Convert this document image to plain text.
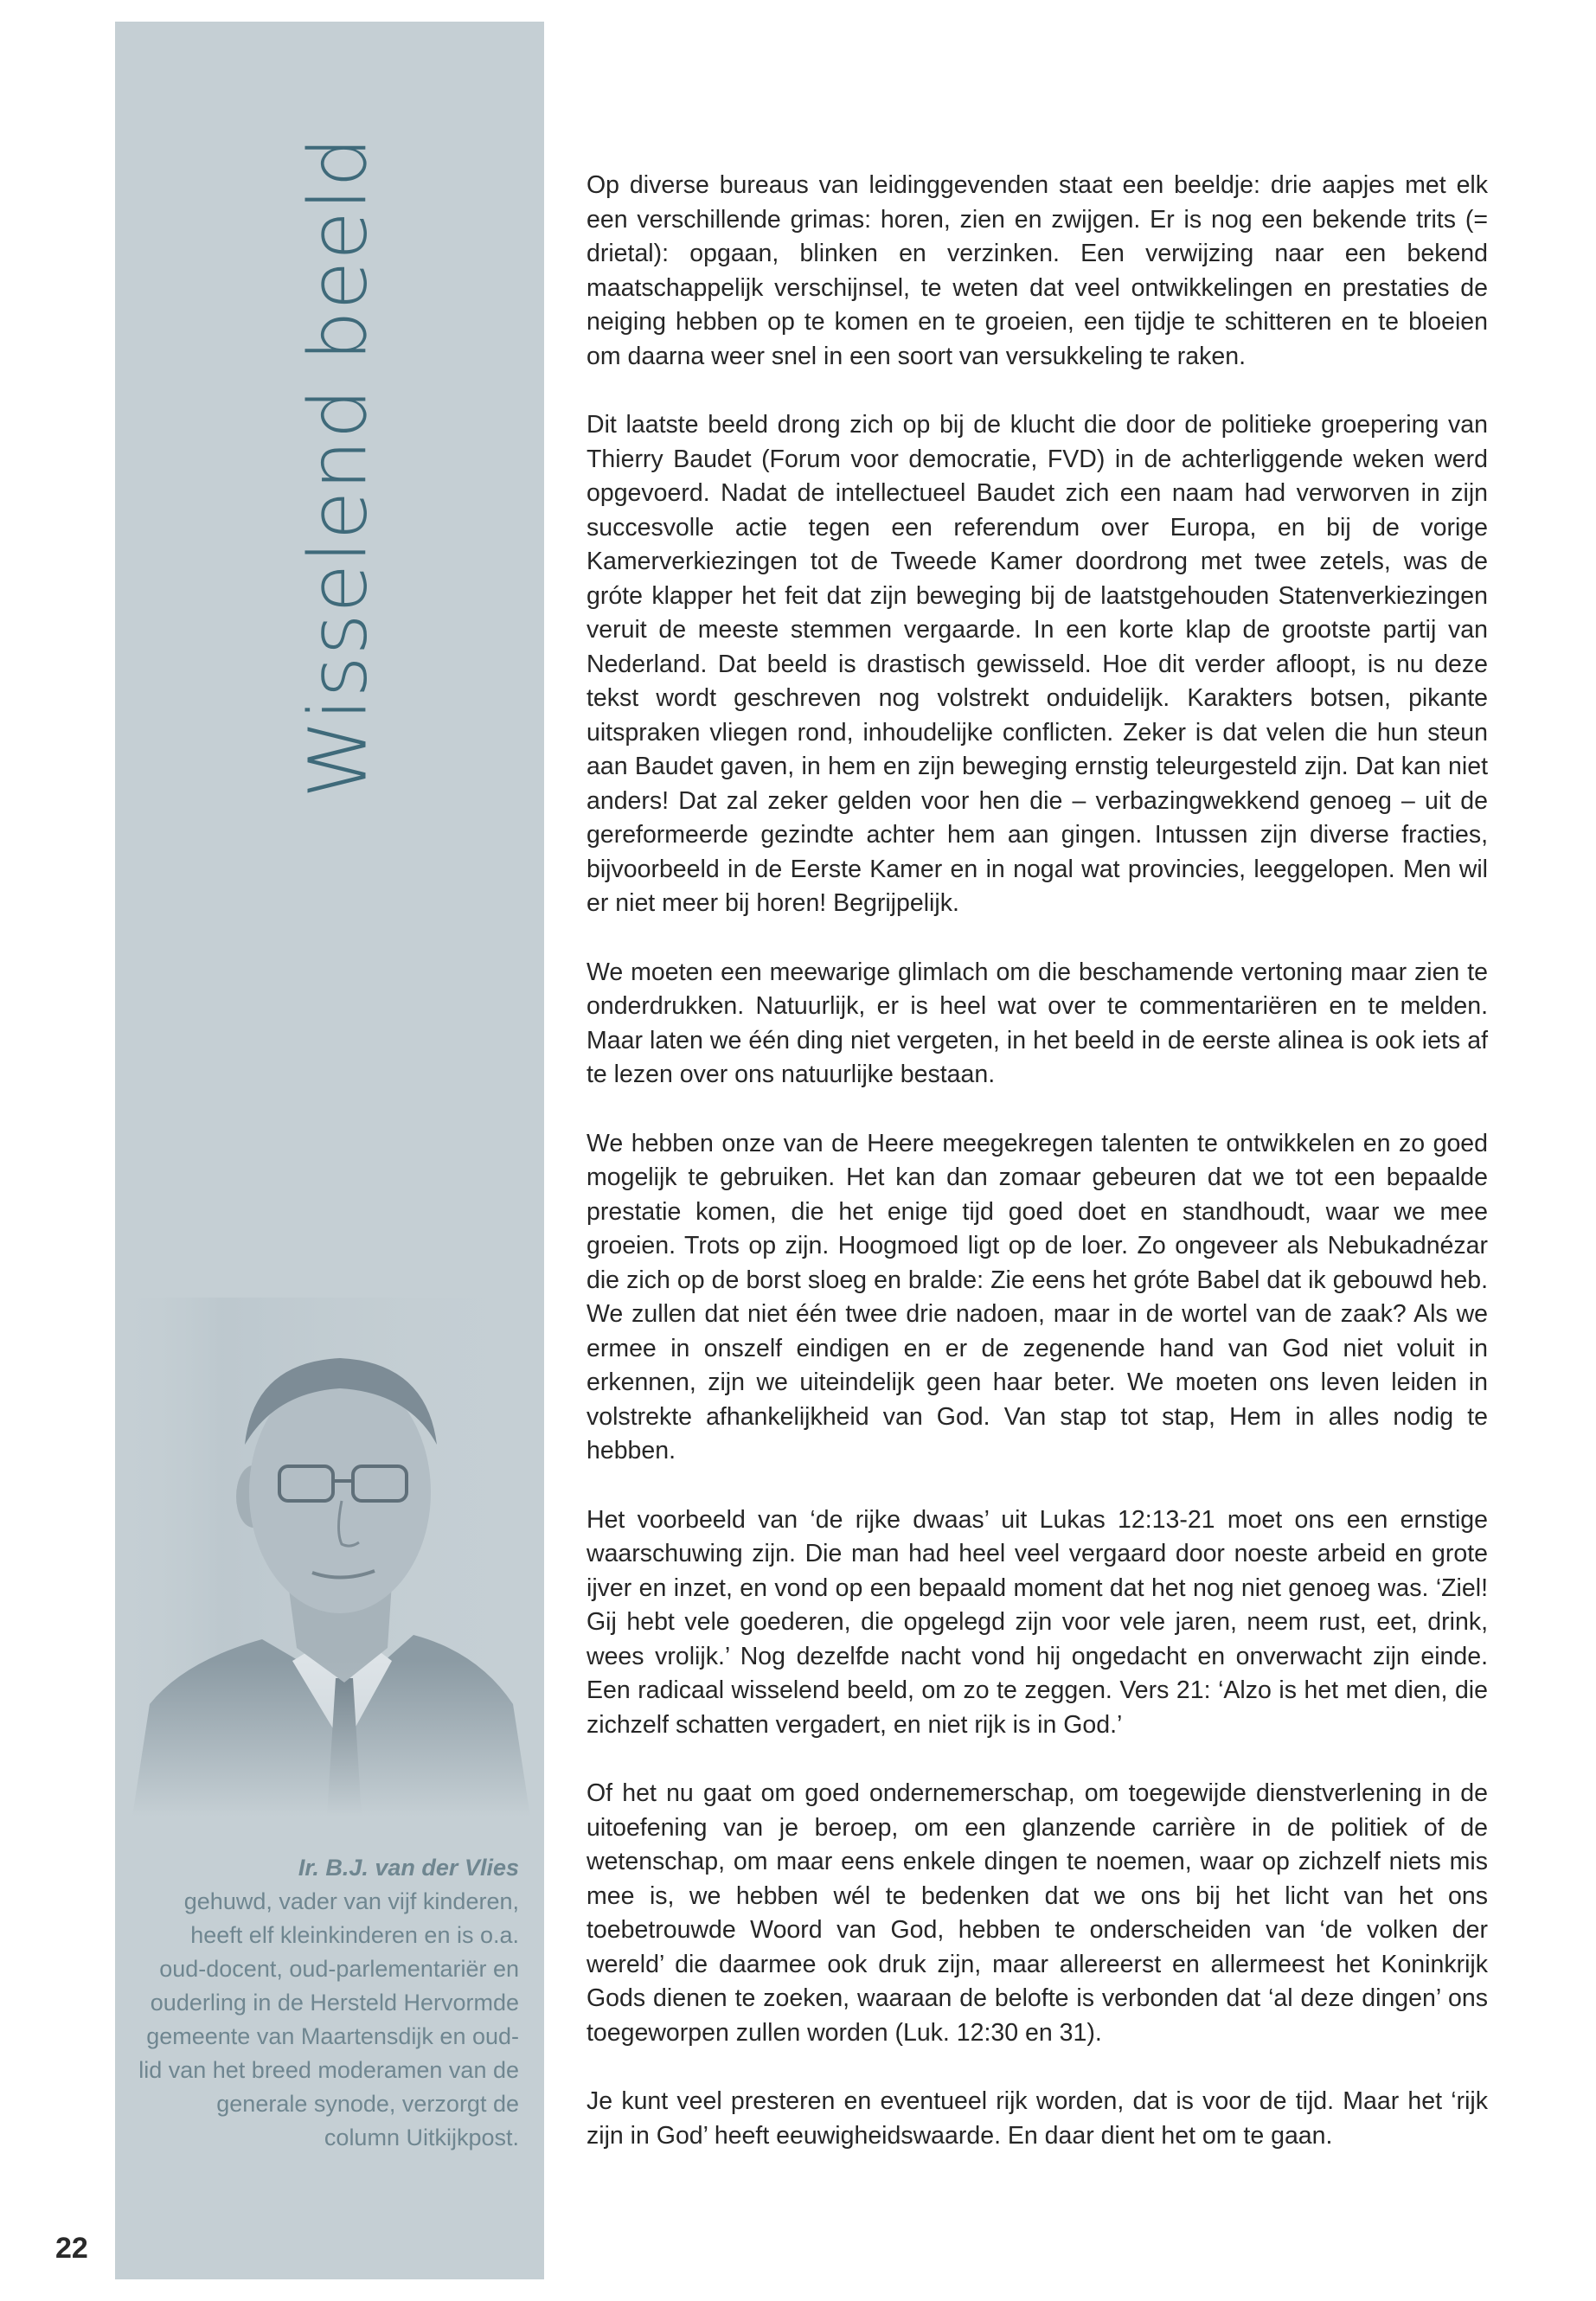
Wisselend beeld
Ir. B.J. van der Vlies

gehuwd, vader van vijf kinderen, heeft elf kleinkinderen en is o.a. oud-docent, oud-parlementariër en ouderling in de Hersteld Hervormde gemeente van Maartensdijk en oud-lid van het breed moderamen van de generale synode, verzorgt de column Uitkijkpost.

22

Op diverse bureaus van leidinggevenden staat een beeldje: drie aapjes met elk een verschillende grimas: horen, zien en zwijgen. Er is nog een bekende trits (= drietal): opgaan, blinken en verzinken. Een verwijzing naar een bekend maatschappelijk verschijnsel, te weten dat veel ontwikkelingen en prestaties de neiging hebben op te komen en te groeien, een tijdje te schitteren en te bloeien om daarna weer snel in een soort van versukkeling te raken.

Dit laatste beeld drong zich op bij de klucht die door de politieke groepering van Thierry Baudet (Forum voor democratie, FVD) in de achterliggende weken werd opgevoerd. Nadat de intellectueel Baudet zich een naam had verworven in zijn succesvolle actie tegen een referendum over Europa, en bij de vorige Kamerverkiezingen tot de Tweede Kamer doordrong met twee zetels, was de gróte klapper het feit dat zijn beweging bij de laatstgehouden Statenverkiezingen veruit de meeste stemmen vergaarde. In een korte klap de grootste partij van Nederland. Dat beeld is drastisch gewisseld. Hoe dit verder afloopt, is nu deze tekst wordt geschreven nog volstrekt onduidelijk. Karakters botsen, pikante uitspraken vliegen rond, inhoudelijke conflicten. Zeker is dat velen die hun steun aan Baudet gaven, in hem en zijn beweging ernstig teleurgesteld zijn. Dat kan niet anders! Dat zal zeker gelden voor hen die – verbazingwekkend genoeg – uit de gereformeerde gezindte achter hem aan gingen. Intussen zijn diverse fracties, bijvoorbeeld in de Eerste Kamer en in nogal wat provincies, leeggelopen. Men wil er niet meer bij horen! Begrijpelijk.

We moeten een meewarige glimlach om die beschamende vertoning maar zien te onderdrukken. Natuurlijk, er is heel wat over te commentariëren en te melden. Maar laten we één ding niet vergeten, in het beeld in de eerste alinea is ook iets af te lezen over ons natuurlijke bestaan.

We hebben onze van de Heere meegekregen talenten te ontwikkelen en zo goed mogelijk te gebruiken. Het kan dan zomaar gebeuren dat we tot een bepaalde prestatie komen, die het enige tijd goed doet en standhoudt, waar we mee groeien. Trots op zijn. Hoogmoed ligt op de loer. Zo ongeveer als Nebukadnézar die zich op de borst sloeg en bralde: Zie eens het gróte Babel dat ik gebouwd heb. We zullen dat niet één twee drie nadoen, maar in de wortel van de zaak? Als we ermee in onszelf eindigen en er de zegenende hand van God niet voluit in erkennen, zijn we uiteindelijk geen haar beter. We moeten ons leven leiden in volstrekte afhankelijkheid van God. Van stap tot stap, Hem in alles nodig te hebben.

Het voorbeeld van ‘de rijke dwaas’ uit Lukas 12:13-21 moet ons een ernstige waarschuwing zijn. Die man had heel veel vergaard door noeste arbeid en grote ijver en inzet, en vond op een bepaald moment dat het nog niet genoeg was. ‘Ziel! Gij hebt vele goederen, die opgelegd zijn voor vele jaren, neem rust, eet, drink, wees vrolijk.’ Nog dezelfde nacht vond hij ongedacht en onverwacht zijn einde. Een radicaal wisselend beeld, om zo te zeggen. Vers 21: ‘Alzo is het met dien, die zichzelf schatten vergadert, en niet rijk is in God.’

Of het nu gaat om goed ondernemerschap, om toegewijde dienstverlening in de uitoefening van je beroep, om een glanzende carrière in de politiek of de wetenschap, om maar eens enkele dingen te noemen, waar op zichzelf niets mis mee is, we hebben wél te bedenken dat we ons bij het licht van het ons toebetrouwde Woord van God, hebben te onderscheiden van ‘de volken der wereld’ die daarmee ook druk zijn, maar allereerst en allermeest het Koninkrijk Gods dienen te zoeken, waaraan de belofte is verbonden dat ‘al deze dingen’ ons toegeworpen zullen worden (Luk. 12:30 en 31).

Je kunt veel presteren en eventueel rijk worden, dat is voor de tijd. Maar het ‘rijk zijn in God’ heeft eeuwigheidswaarde. En daar dient het om te gaan.
